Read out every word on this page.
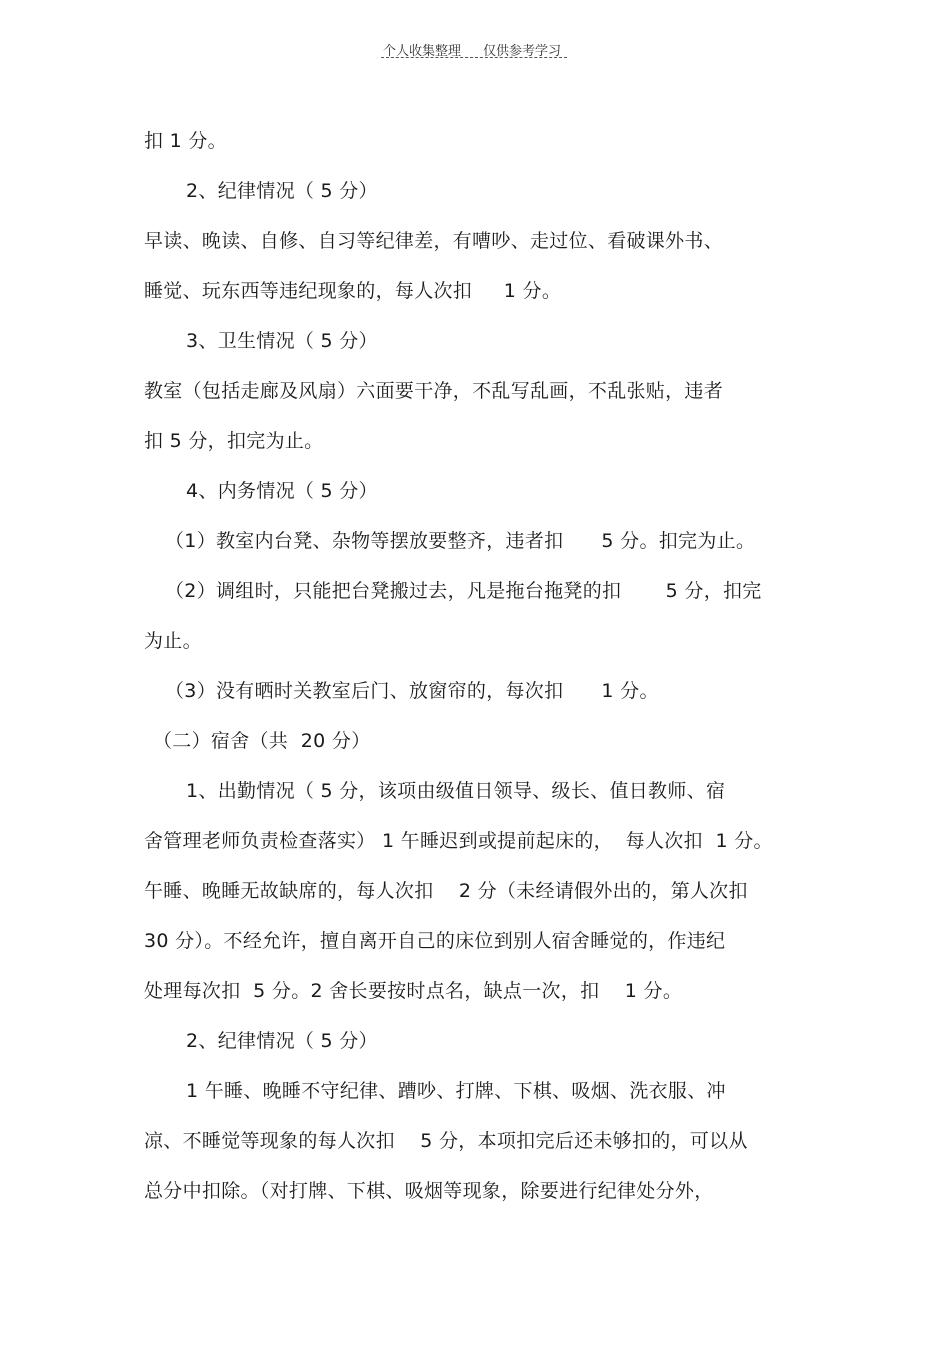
个人收集整理 仅供参考学习
扣 1 分。
2、纪律情况（ 5 分）
早读、晚读、自修、自习等纪律差，有嘈吵、走过位、看破课外书、
睡觉、玩东西等违纪现象的，每人次扣     1 分。
3、卫生情况（ 5 分）
教室（包括走廊及风扇）六面要干净，不乱写乱画，不乱张贴，违者
扣 5 分，扣完为止。
4、内务情况（ 5 分）
（1）教室内台凳、杂物等摆放要整齐，违者扣      5 分。扣完为止。
（2）调组时，只能把台凳搬过去，凡是拖台拖凳的扣       5 分，扣完
为止。
（3）没有晒时关教室后门、放窗帘的，每次扣      1 分。
（二）宿舍（共  20 分）
1、出勤情况（ 5 分，该项由级值日领导、级长、值日教师、宿
舍管理老师负责检查落实） 1 午睡迟到或提前起床的，  每人次扣  1 分。
午睡、晚睡无故缺席的，每人次扣    2 分（未经请假外出的，第人次扣
30 分）。不经允许，擅自离开自己的床位到别人宿舍睡觉的，作违纪
处理每次扣  5 分。2 舍长要按时点名，缺点一次，扣    1 分。
2、纪律情况（ 5 分）
1 午睡、晚睡不守纪律、蹧吵、打牌、下棋、吸烟、洗衣服、冲
凉、不睡觉等现象的每人次扣    5 分，本项扣完后还未够扣的，可以从
总分中扣除。（对打牌、下棋、吸烟等现象，除要进行纪律处分外，
